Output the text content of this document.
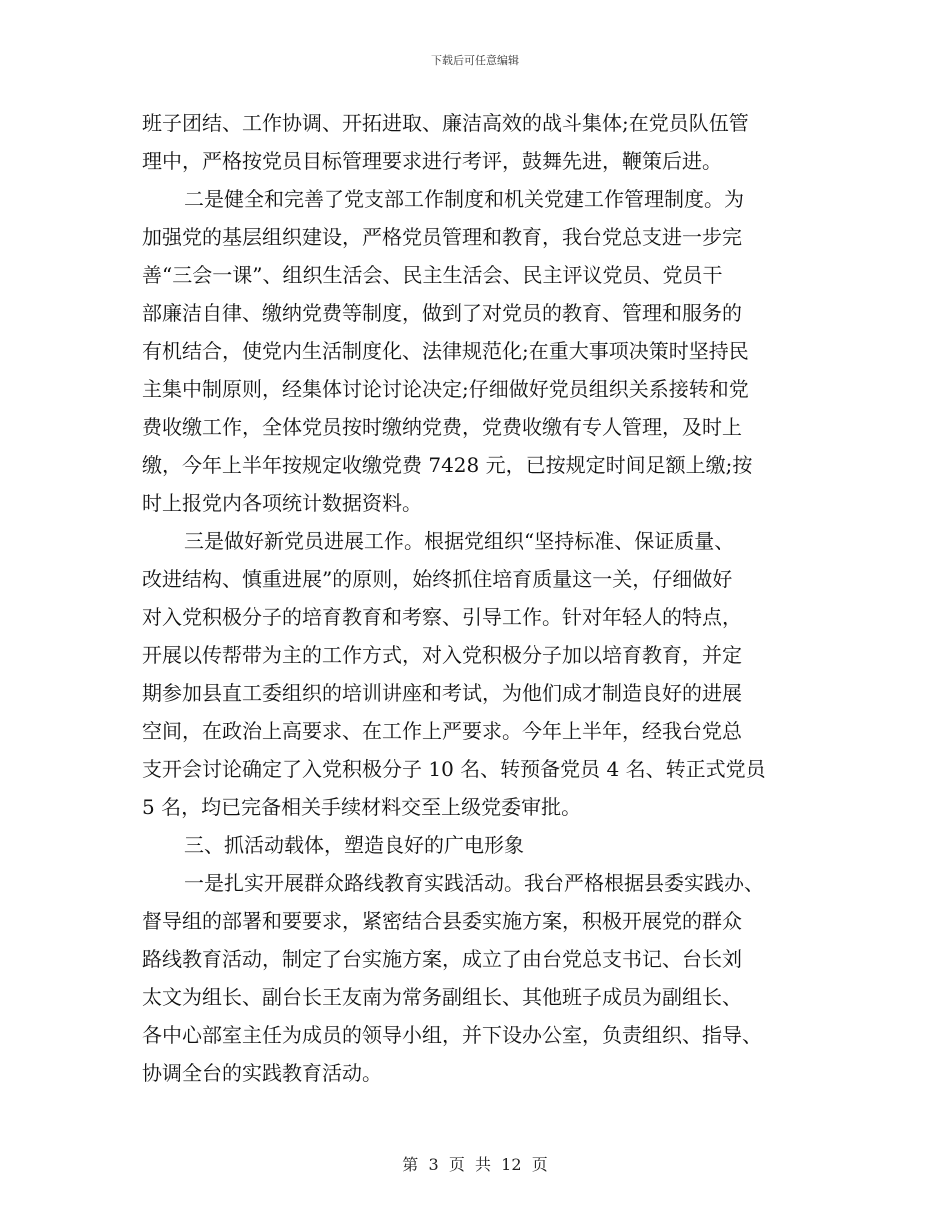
下载后可任意编辑
班子团结、工作协调、开拓进取、廉洁高效的战斗集体;在党员队伍管
理中，严格按党员目标管理要求进行考评，鼓舞先进，鞭策后进。
二是健全和完善了党支部工作制度和机关党建工作管理制度。为
加强党的基层组织建设，严格党员管理和教育，我台党总支进一步完
善“三会一课”、组织生活会、民主生活会、民主评议党员、党员干
部廉洁自律、缴纳党费等制度，做到了对党员的教育、管理和服务的
有机结合，使党内生活制度化、法律规范化;在重大事项决策时坚持民
主集中制原则，经集体讨论讨论决定;仔细做好党员组织关系接转和党
费收缴工作，全体党员按时缴纳党费，党费收缴有专人管理，及时上
缴，今年上半年按规定收缴党费 7428 元，已按规定时间足额上缴;按
时上报党内各项统计数据资料。
三是做好新党员进展工作。根据党组织“坚持标准、保证质量、
改进结构、慎重进展”的原则，始终抓住培育质量这一关，仔细做好
对入党积极分子的培育教育和考察、引导工作。针对年轻人的特点，
开展以传帮带为主的工作方式，对入党积极分子加以培育教育，并定
期参加县直工委组织的培训讲座和考试，为他们成才制造良好的进展
空间，在政治上高要求、在工作上严要求。今年上半年，经我台党总
支开会讨论确定了入党积极分子 10 名、转预备党员 4 名、转正式党员
5 名，均已完备相关手续材料交至上级党委审批。
三、抓活动载体，塑造良好的广电形象
一是扎实开展群众路线教育实践活动。我台严格根据县委实践办、
督导组的部署和要要求，紧密结合县委实施方案，积极开展党的群众
路线教育活动，制定了台实施方案，成立了由台党总支书记、台长刘
太文为组长、副台长王友南为常务副组长、其他班子成员为副组长、
各中心部室主任为成员的领导小组，并下设办公室，负责组织、指导、
协调全台的实践教育活动。
第  3  页  共  12  页
